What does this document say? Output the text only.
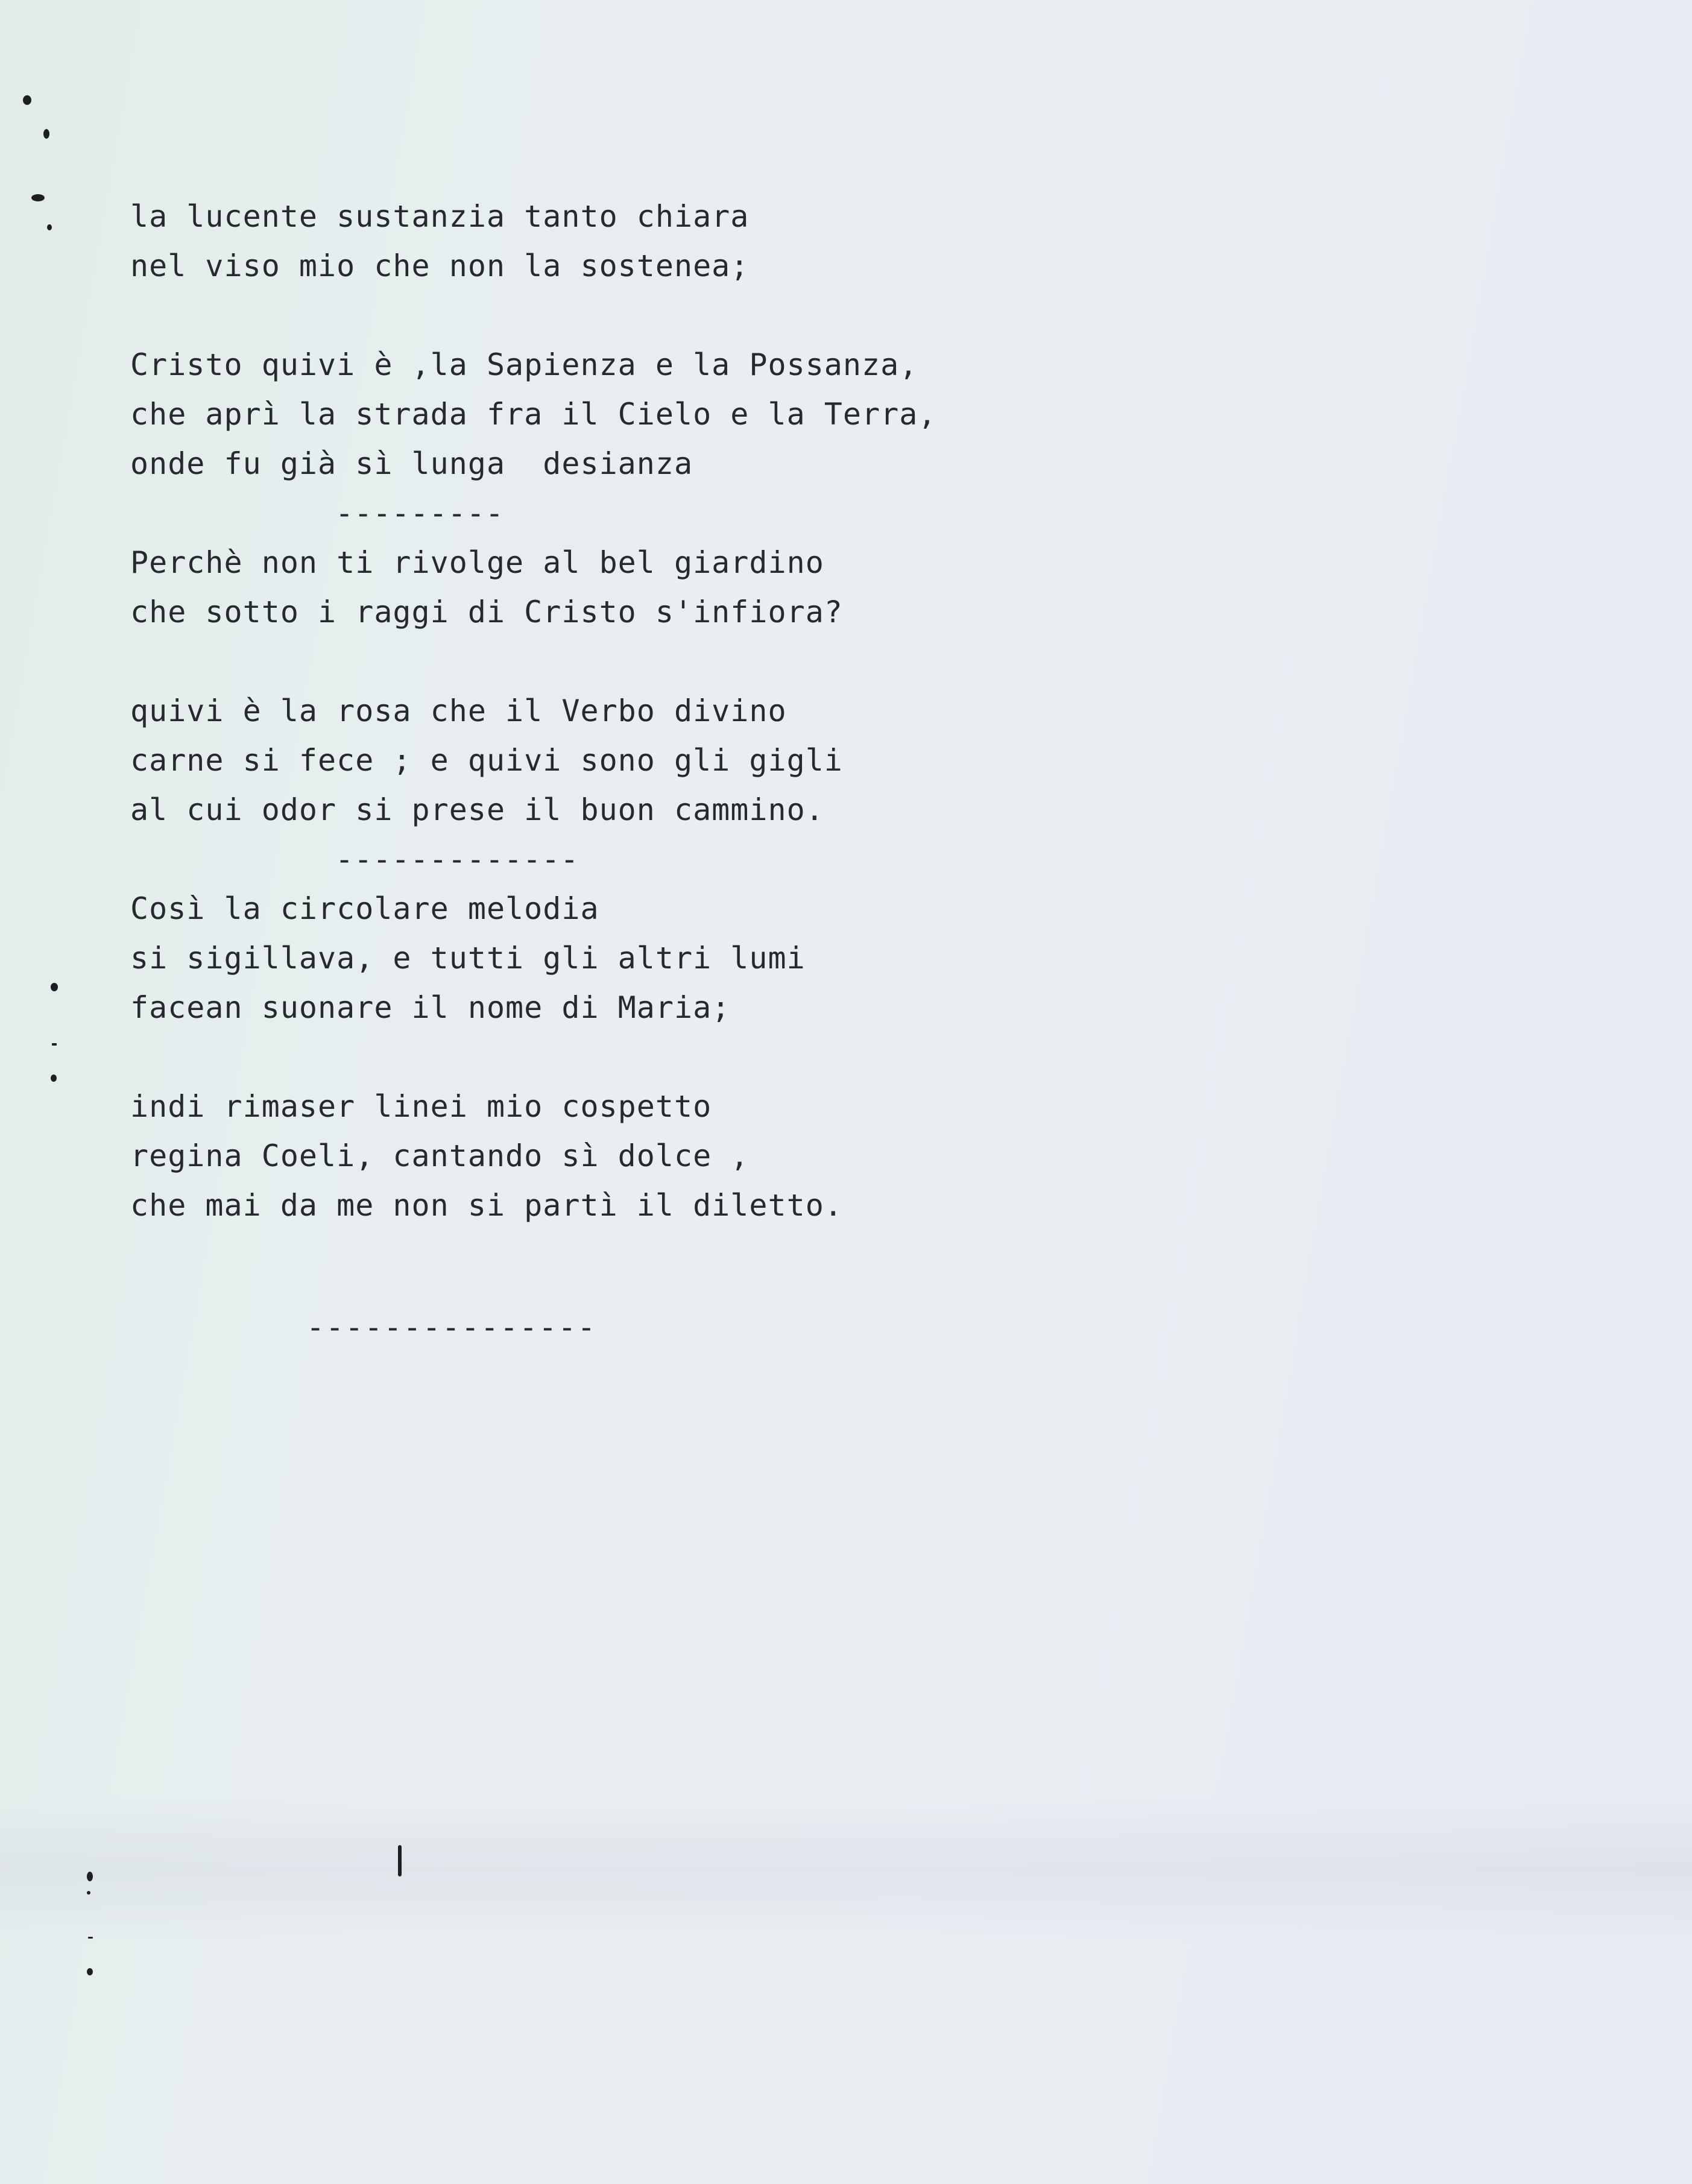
la lucente sustanzia tanto chiara
nel viso mio che non la sostenea;
Cristo quivi è ,la Sapienza e la Possanza,
che aprì la strada fra il Cielo e la Terra,
onde fu già sì lunga  desianza
---------
Perchè non ti rivolge al bel giardino
che sotto i raggi di Cristo s'infiora?
quivi è la rosa che il Verbo divino
carne si fece ; e quivi sono gli gigli
al cui odor si prese il buon cammino.
-------------
Così la circolare melodia
si sigillava, e tutti gli altri lumi
facean suonare il nome di Maria;
indi rimaser linei mio cospetto
regina Coeli, cantando sì dolce ,
che mai da me non si partì il diletto.
---------------
